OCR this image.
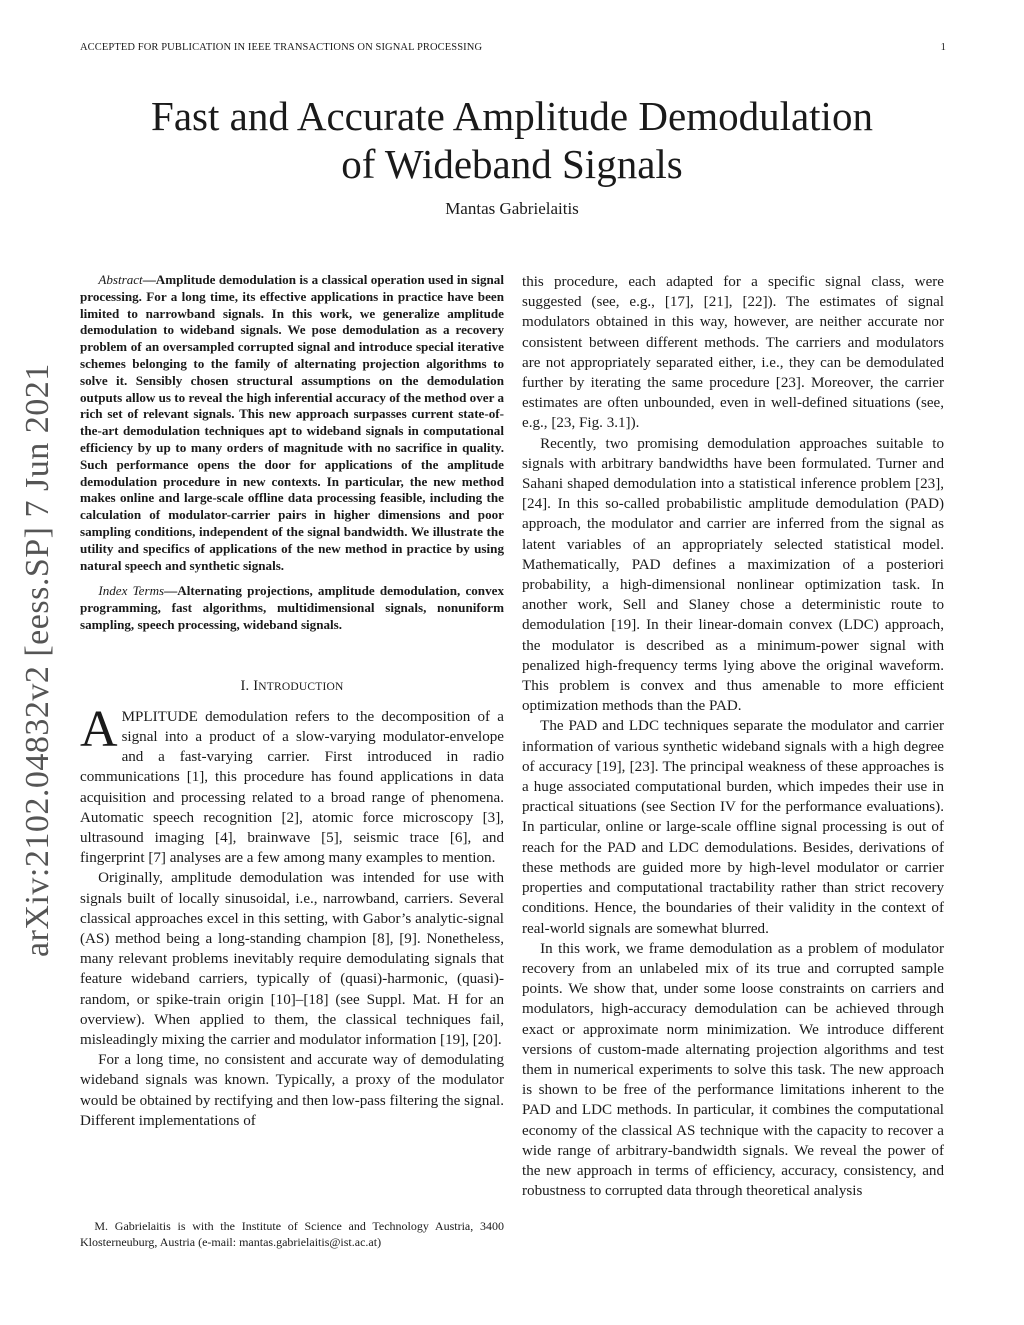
ACCEPTED FOR PUBLICATION IN IEEE TRANSACTIONS ON SIGNAL PROCESSING	1
Fast and Accurate Amplitude Demodulation
of Wideband Signals
Mantas Gabrielaitis
arXiv:2102.04832v2 [eess.SP] 7 Jun 2021

Abstract—Amplitude demodulation is a classical operation used in signal processing. For a long time, its effective applications in practice have been limited to narrowband signals. In this work, we generalize amplitude demodulation to wideband signals. We pose demodulation as a recovery problem of an oversampled corrupted signal and introduce special iterative schemes belonging to the family of alternating projection algorithms to solve it. Sensibly chosen structural assumptions on the demodulation outputs allow us to reveal the high inferential accuracy of the method over a rich set of relevant signals. This new approach surpasses current state-of-the-art demodulation techniques apt to wideband signals in computational efficiency by up to many orders of magnitude with no sacrifice in quality. Such performance opens the door for applications of the amplitude demodulation procedure in new contexts. In particular, the new method makes online and large-scale offline data processing feasible, including the calculation of modulator-carrier pairs in higher dimensions and poor sampling conditions, independent of the signal bandwidth. We illustrate the utility and specifics of applications of the new method in practice by using natural speech and synthetic signals.

Index Terms—Alternating projections, amplitude demodulation, convex programming, fast algorithms, multidimensional signals, nonuniform sampling, speech processing, wideband signals.

I. INTRODUCTION

AMPLITUDE demodulation refers to the decomposition of a signal into a product of a slow-varying modulator-envelope and a fast-varying carrier. First introduced in radio communications [1], this procedure has found applications in data acquisition and processing related to a broad range of phenomena. Automatic speech recognition [2], atomic force microscopy [3], ultrasound imaging [4], brainwave [5], seismic trace [6], and fingerprint [7] analyses are a few among many examples to mention.

Originally, amplitude demodulation was intended for use with signals built of locally sinusoidal, i.e., narrowband, carriers. Several classical approaches excel in this setting, with Gabor’s analytic-signal (AS) method being a long-standing champion [8], [9]. Nonetheless, many relevant problems inevitably require demodulating signals that feature wideband carriers, typically of (quasi)-harmonic, (quasi)-random, or spike-train origin [10]–[18] (see Suppl. Mat. H for an overview). When applied to them, the classical techniques fail, misleadingly mixing the carrier and modulator information [19], [20].

For a long time, no consistent and accurate way of demodulating wideband signals was known. Typically, a proxy of the modulator would be obtained by rectifying and then low-pass filtering the signal. Different implementations of

M. Gabrielaitis is with the Institute of Science and Technology Austria, 3400 Klosterneuburg, Austria (e-mail: mantas.gabrielaitis@ist.ac.at)

this procedure, each adapted for a specific signal class, were suggested (see, e.g., [17], [21], [22]). The estimates of signal modulators obtained in this way, however, are neither accurate nor consistent between different methods. The carriers and modulators are not appropriately separated either, i.e., they can be demodulated further by iterating the same procedure [23]. Moreover, the carrier estimates are often unbounded, even in well-defined situations (see, e.g., [23, Fig. 3.1]).

Recently, two promising demodulation approaches suitable to signals with arbitrary bandwidths have been formulated. Turner and Sahani shaped demodulation into a statistical inference problem [23], [24]. In this so-called probabilistic amplitude demodulation (PAD) approach, the modulator and carrier are inferred from the signal as latent variables of an appropriately selected statistical model. Mathematically, PAD defines a maximization of a posteriori probability, a high-dimensional nonlinear optimization task. In another work, Sell and Slaney chose a deterministic route to demodulation [19]. In their linear-domain convex (LDC) approach, the modulator is described as a minimum-power signal with penalized high-frequency terms lying above the original waveform. This problem is convex and thus amenable to more efficient optimization methods than the PAD.

The PAD and LDC techniques separate the modulator and carrier information of various synthetic wideband signals with a high degree of accuracy [19], [23]. The principal weakness of these approaches is a huge associated computational burden, which impedes their use in practical situations (see Section IV for the performance evaluations). In particular, online or large-scale offline signal processing is out of reach for the PAD and LDC demodulations. Besides, derivations of these methods are guided more by high-level modulator or carrier properties and computational tractability rather than strict recovery conditions. Hence, the boundaries of their validity in the context of real-world signals are somewhat blurred.

In this work, we frame demodulation as a problem of modulator recovery from an unlabeled mix of its true and corrupted sample points. We show that, under some loose constraints on carriers and modulators, high-accuracy demodulation can be achieved through exact or approximate norm minimization. We introduce different versions of custom-made alternating projection algorithms and test them in numerical experiments to solve this task. The new approach is shown to be free of the performance limitations inherent to the PAD and LDC methods. In particular, it combines the computational economy of the classical AS technique with the capacity to recover a wide range of arbitrary-bandwidth signals. We reveal the power of the new approach in terms of efficiency, accuracy, consistency, and robustness to corrupted data through theoretical analysis
